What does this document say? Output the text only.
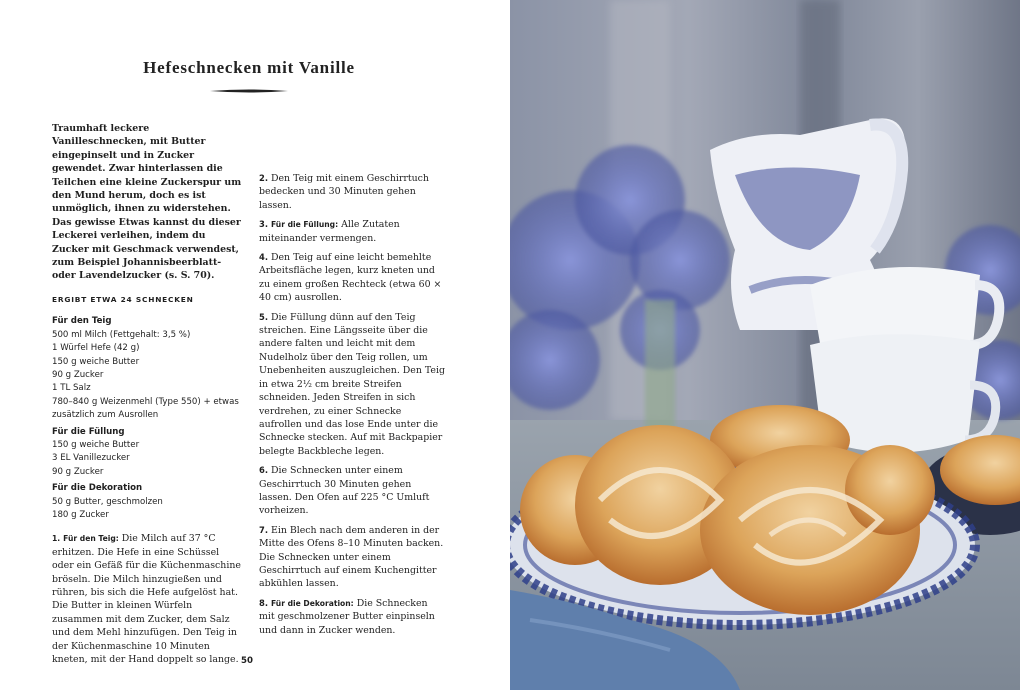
Hefeschnecken mit Vanille

Traumhaft leckere Vanilleschnecken, mit Butter eingepinselt und in Zucker gewendet. Zwar hinterlassen die Teilchen eine kleine Zuckerspur um den Mund herum, doch es ist unmöglich, ihnen zu widerstehen. Das gewisse Etwas kannst du dieser Leckerei verleihen, indem du Zucker mit Geschmack verwendest, zum Beispiel Johannisbeerblatt- oder Lavendelzucker (s. S. 70).

ERGIBT ETWA 24 SCHNECKEN

Für den Teig
500 ml Milch (Fettgehalt: 3,5 %)
1 Würfel Hefe (42 g)
150 g weiche Butter
90 g Zucker
1 TL Salz
780–840 g Weizenmehl (Type 550) + etwas
zusätzlich zum Ausrollen
Für die Füllung
150 g weiche Butter
3 EL Vanillezucker
90 g Zucker
Für die Dekoration
50 g Butter, geschmolzen
180 g Zucker

1. Für den Teig: Die Milch auf 37 °C erhitzen. Die Hefe in eine Schüssel oder ein Gefäß für die Küchenmaschine bröseln. Die Milch hinzugießen und rühren, bis sich die Hefe aufgelöst hat. Die Butter in kleinen Würfeln zusammen mit dem Zucker, dem Salz und dem Mehl hinzufügen. Den Teig in der Küchenmaschine 10 Minuten kneten, mit der Hand doppelt so lange.

2. Den Teig mit einem Geschirrtuch bedecken und 30 Minuten gehen lassen.

3. Für die Füllung: Alle Zutaten miteinander vermengen.

4. Den Teig auf eine leicht bemehlte Arbeitsfläche legen, kurz kneten und zu einem großen Rechteck (etwa 60 × 40 cm) ausrollen.

5. Die Füllung dünn auf den Teig streichen. Eine Längsseite über die andere falten und leicht mit dem Nudelholz über den Teig rollen, um Unebenheiten auszugleichen. Den Teig in etwa 2½ cm breite Streifen schneiden. Jeden Streifen in sich verdrehen, zu einer Schnecke aufrollen und das lose Ende unter die Schnecke stecken. Auf mit Backpapier belegte Backbleche legen.

6. Die Schnecken unter einem Geschirrtuch 30 Minuten gehen lassen. Den Ofen auf 225 °C Umluft vorheizen.

7. Ein Blech nach dem anderen in der Mitte des Ofens 8–10 Minuten backen. Die Schnecken unter einem Geschirrtuch auf einem Kuchengitter abkühlen lassen.

8. Für die Dekoration: Die Schnecken mit geschmolzener Butter einpinseln und dann in Zucker wenden.

50
